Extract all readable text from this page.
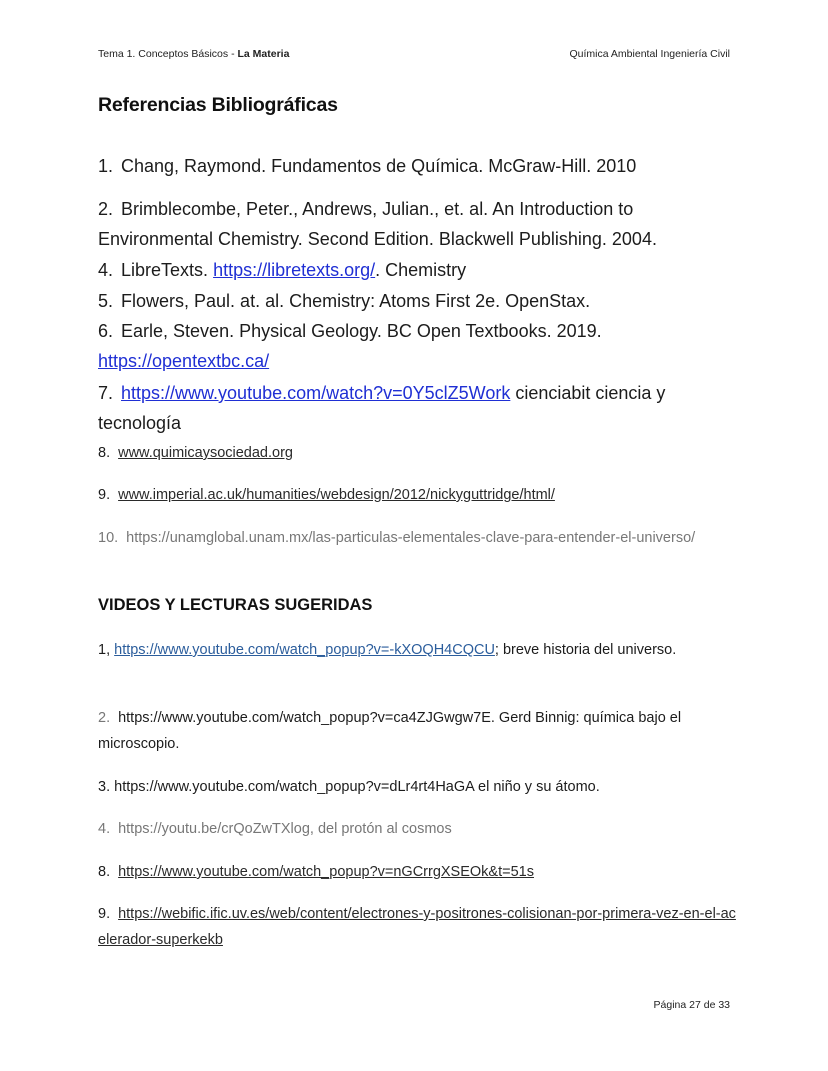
Tema 1. Conceptos Básicos - La Materia	Química Ambiental Ingeniería Civil
Referencias Bibliográficas
1. Chang, Raymond. Fundamentos de Química. McGraw-Hill. 2010
2. Brimblecombe, Peter., Andrews, Julian., et. al. An Introduction to Environmental Chemistry. Second Edition. Blackwell Publishing. 2004.
4. LibreTexts. https://libretexts.org/. Chemistry
5. Flowers, Paul. at. al. Chemistry: Atoms First 2e. OpenStax.
6. Earle, Steven. Physical Geology. BC Open Textbooks. 2019. https://opentextbc.ca/
7. https://www.youtube.com/watch?v=0Y5clZ5Work cienciabit ciencia y tecnología
8. www.quimicaysociedad.org
9. www.imperial.ac.uk/humanities/webdesign/2012/nickyguttridge/html/
10. https://unamglobal.unam.mx/las-particulas-elementales-clave-para-entender-el-universo/
VIDEOS Y LECTURAS SUGERIDAS
1, https://www.youtube.com/watch_popup?v=-kXOQH4CQCU; breve historia del universo.
2. https://www.youtube.com/watch_popup?v=ca4ZJGwgw7E. Gerd Binnig: química bajo el microscopio.
3. https://www.youtube.com/watch_popup?v=dLr4rt4HaGA el niño y su átomo.
4. https://youtu.be/crQoZwTXlog, del protón al cosmos
8. https://www.youtube.com/watch_popup?v=nGCrrgXSEOk&t=51s
9. https://webific.ific.uv.es/web/content/electrones-y-positrones-colisionan-por-primera-vez-en-el-acelerador-superkekb
Página 27 de 33
